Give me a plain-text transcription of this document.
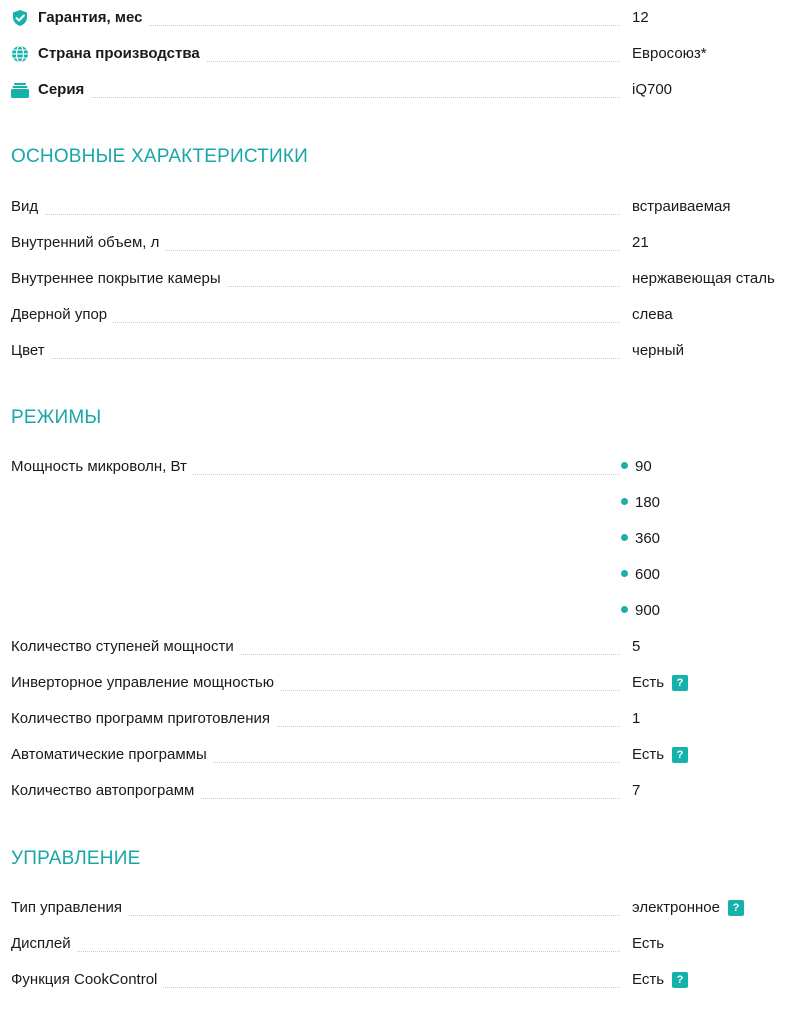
Гарантия, мес	12
Страна производства	Евросоюз*
Серия	iQ700
ОСНОВНЫЕ ХАРАКТЕРИСТИКИ
Вид	встраиваемая
Внутренний объем, л	21
Внутреннее покрытие камеры	нержавеющая сталь
Дверной упор	слева
Цвет	черный
РЕЖИМЫ
Мощность микроволн, Вт	90
180
360
600
900
Количество ступеней мощности	5
Инверторное управление мощностью	Есть ?
Количество программ приготовления	1
Автоматические программы	Есть ?
Количество автопрограмм	7
УПРАВЛЕНИЕ
Тип управления	электронное ?
Дисплей	Есть
Функция CookControl	Есть ?
